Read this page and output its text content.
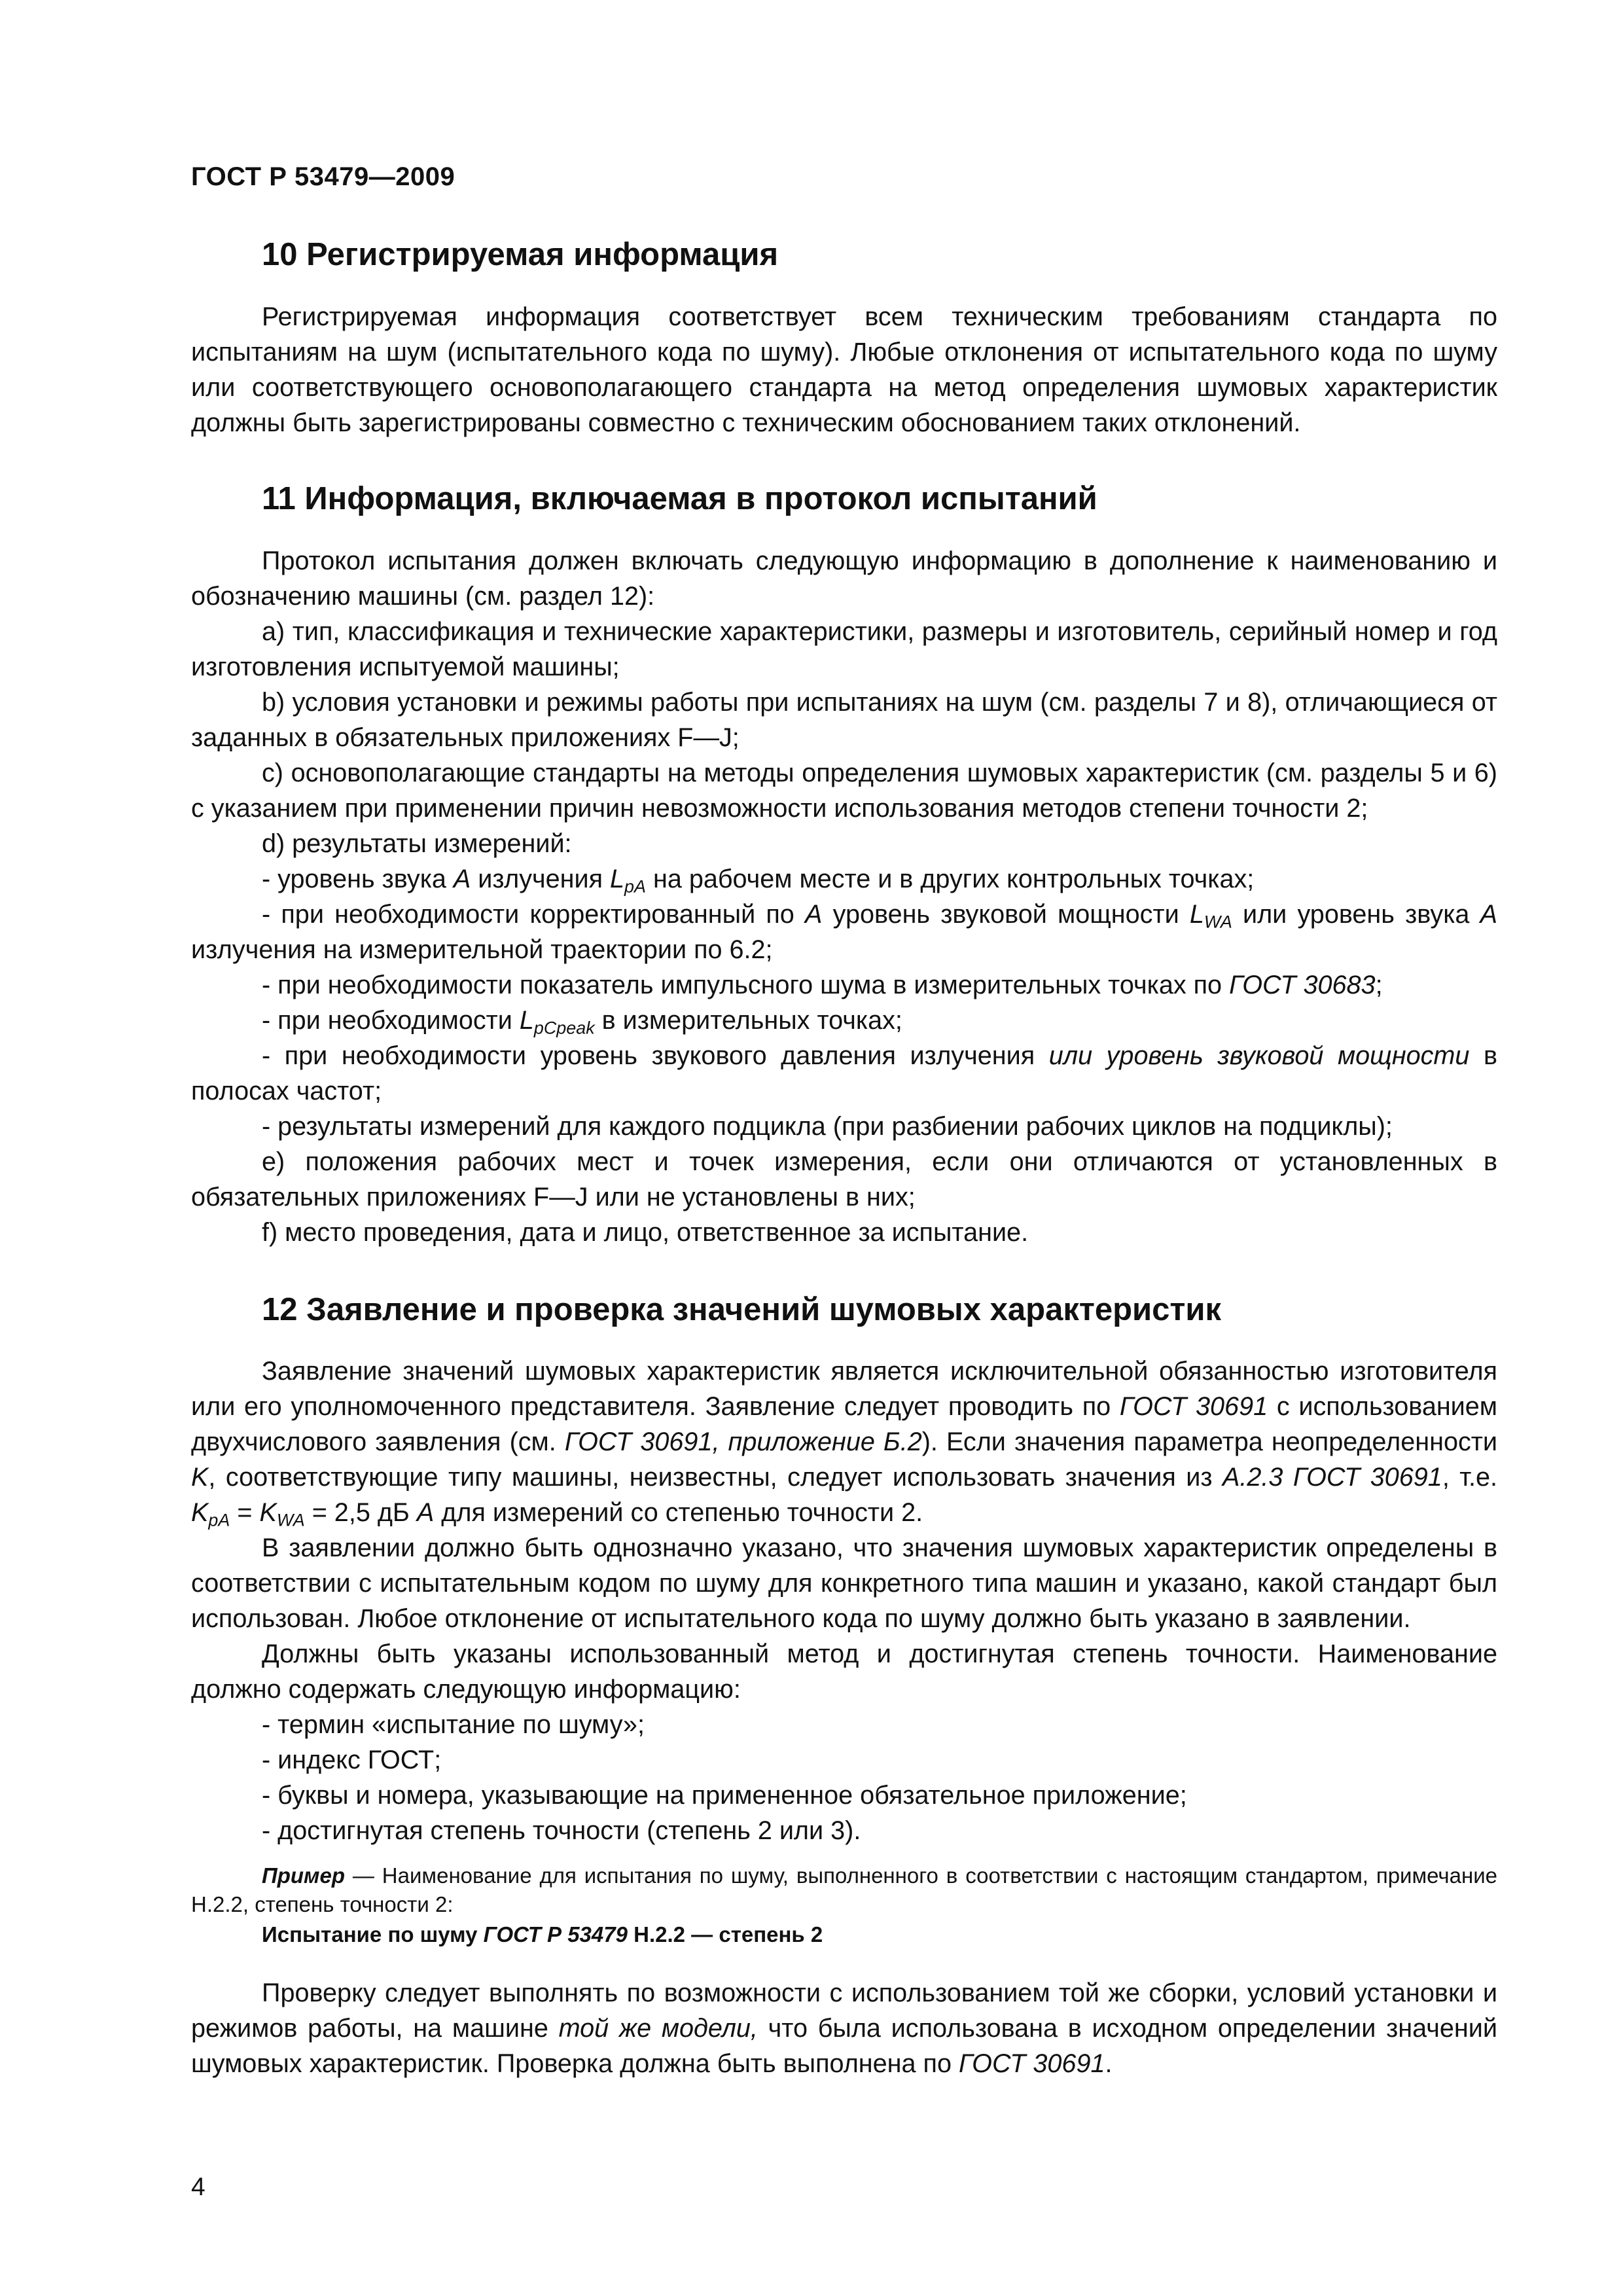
ГОСТ Р 53479—2009
10 Регистрируемая информация

Регистрируемая информация соответствует всем техническим требованиям стандарта по испытаниям на шум (испытательного кода по шуму). Любые отклонения от испытательного кода по шуму или соответствующего основополагающего стандарта на метод определения шумовых характеристик должны быть зарегистрированы совместно с техническим обоснованием таких отклонений.

11 Информация, включаемая в протокол испытаний

Протокол испытания должен включать следующую информацию в дополнение к наименованию и обозначению машины (см. раздел 12):

а) тип, классификация и технические характеристики, размеры и изготовитель, серийный номер и год изготовления испытуемой машины;

b) условия установки и режимы работы при испытаниях на шум (см. разделы 7 и 8), отличающиеся от заданных в обязательных приложениях F—J;

с) основополагающие стандарты на методы определения шумовых характеристик (см. разделы 5 и 6) с указанием при применении причин невозможности использования методов степени точности 2;

d) результаты измерений:

- уровень звука A излучения $L_{pA}$ на рабочем месте и в других контрольных точках;

- при необходимости корректированный по A уровень звуковой мощности $L_{WA}$ или уровень звука A излучения на измерительной траектории по 6.2;

- при необходимости показатель импульсного шума в измерительных точках по ГОСТ 30683;

- при необходимости $L_{pCpeak}$ в измерительных точках;

- при необходимости уровень звукового давления излучения или уровень звуковой мощности в полосах частот;

- результаты измерений для каждого подцикла (при разбиении рабочих циклов на подциклы);

е) положения рабочих мест и точек измерения, если они отличаются от установленных в обязательных приложениях F—J или не установлены в них;

f) место проведения, дата и лицо, ответственное за испытание.

12 Заявление и проверка значений шумовых характеристик

Заявление значений шумовых характеристик является исключительной обязанностью изготовителя или его уполномоченного представителя. Заявление следует проводить по ГОСТ 30691 с использованием двухчислового заявления (см. ГОСТ 30691, приложение Б.2). Если значения параметра неопределенности K, соответствующие типу машины, неизвестны, следует использовать значения из А.2.3 ГОСТ 30691, т.е. $K_{pA} = K_{WA} = 2,5$ дБ A для измерений со степенью точности 2.

В заявлении должно быть однозначно указано, что значения шумовых характеристик определены в соответствии с испытательным кодом по шуму для конкретного типа машин и указано, какой стандарт был использован. Любое отклонение от испытательного кода по шуму должно быть указано в заявлении.

Должны быть указаны использованный метод и достигнутая степень точности. Наименование должно содержать следующую информацию:

- термин «испытание по шуму»;

- индекс ГОСТ;

- буквы и номера, указывающие на примененное обязательное приложение;

- достигнутая степень точности (степень 2 или 3).

Пример — Наименование для испытания по шуму, выполненного в соответствии с настоящим стандартом, примечание Н.2.2, степень точности 2:
Испытание по шуму ГОСТ Р 53479 Н.2.2 — степень 2

Проверку следует выполнять по возможности с использованием той же сборки, условий установки и режимов работы, на машине той же модели, что была использована в исходном определении значений шумовых характеристик. Проверка должна быть выполнена по ГОСТ 30691.

4
